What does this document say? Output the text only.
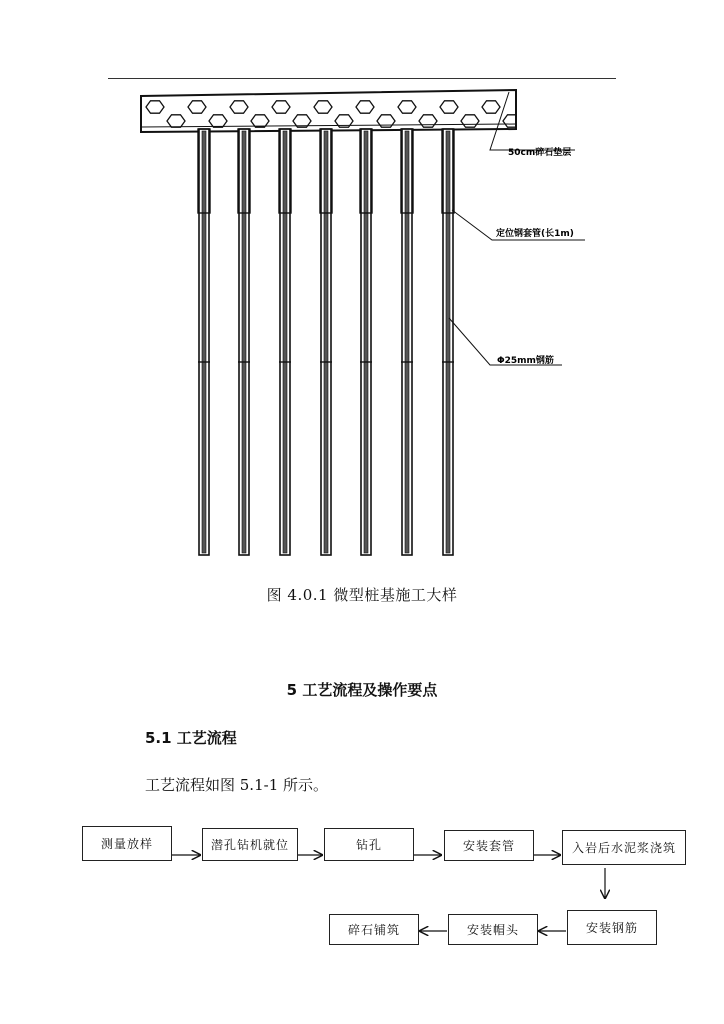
50cm碎石垫层
定位钢套管(长1m)
Φ25mm钢筋
图 4.0.1 微型桩基施工大样
5 工艺流程及操作要点
5.1 工艺流程
工艺流程如图 5.1-1 所示。
测量放样	潜孔钻机就位	钻孔	安装套管	入岩后水泥浆浇筑
安装钢筋
安装帽头
碎石铺筑
